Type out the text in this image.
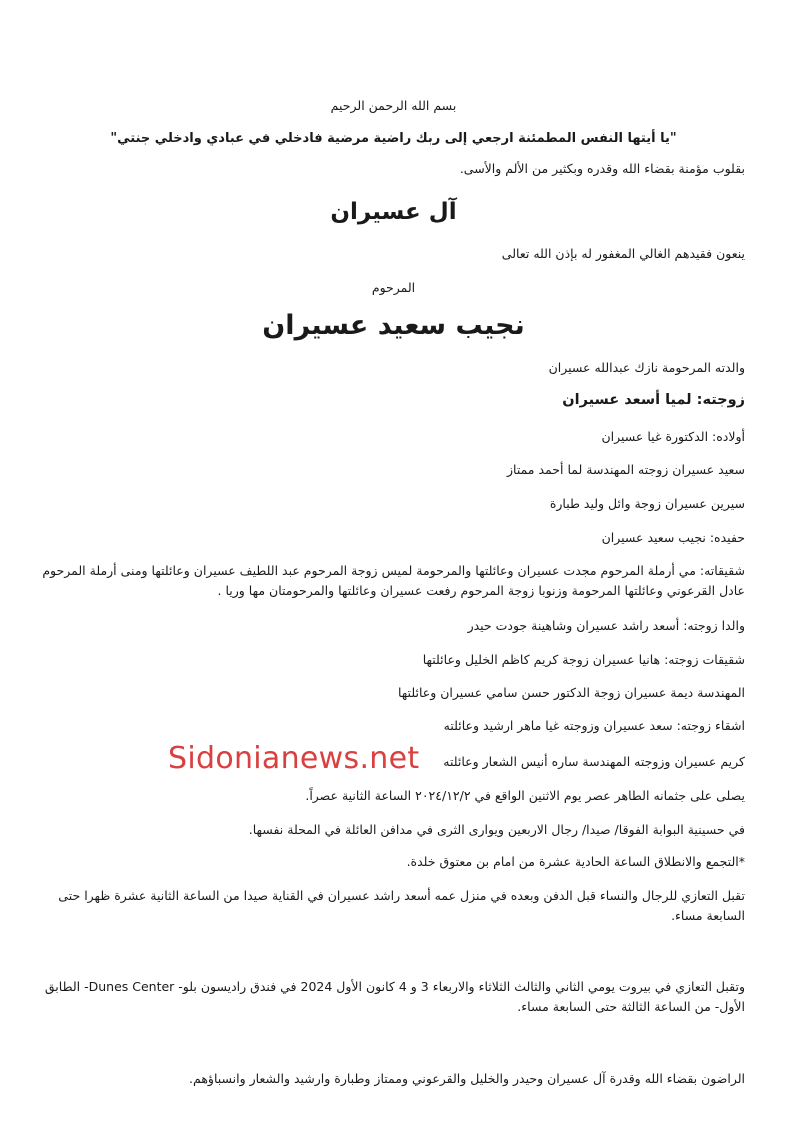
بسم الله الرحمن الرحيم

"يا أيتها النفس المطمئنة ارجعي إلى ربك راضية مرضية فادخلي في عبادي وادخلي جنتي"

بقلوب مؤمنة بقضاء الله وقدره وبكثير من الألم والأسى.

آل عسيران

ينعون فقيدهم الغالي المغفور له بإذن الله تعالى

المرحوم

نجيب سعيد عسيران

والدته المرحومة نازك عبدالله عسيران

زوجته: لميا أسعد عسيران

أولاده: الدكتورة غيا عسيران

سعيد عسيران زوجته المهندسة لما أحمد ممتاز

سيرين عسيران زوجة وائل وليد طبارة

حفيده: نجيب سعيد عسيران

شقيقاته: مي أرملة المرحوم مجدت عسيران وعائلتها والمرحومة لميس زوجة المرحوم عبد اللطيف عسيران وعائلتها ومنى أرملة المرحوم عادل القرعوني وعائلتها المرحومة وزنوبا زوجة المرحوم رفعت عسيران وعائلتها والمرحومتان مها وريا .

والدا زوجته: أسعد راشد عسيران وشاهينة جودت حيدر

شقيقات زوجته: هانيا عسيران زوجة كريم كاظم الخليل وعائلتها

المهندسة ديمة عسيران زوجة الدكتور حسن سامي عسيران وعائلتها

اشقاء زوجته: سعد عسيران وزوجته غيا ماهر ارشيد وعائلته

كريم عسيران وزوجته المهندسة ساره أنيس الشعار وعائلته

Sidonianews.net

يصلى على جثمانه الطاهر عصر يوم الاثنين الواقع في ٢٠٢٤/١٢/٢ الساعة الثانية عصراً.

في حسينية البوابة الفوقا/ صيدا/ رجال الاربعين ويوارى الثرى في مدافن العائلة في المحلة نفسها.

*التجمع والانطلاق الساعة الحادية عشرة من امام بن معتوق خلدة.

تقبل التعازي للرجال والنساء قبل الدفن وبعده في منزل عمه أسعد راشد عسيران في القناية صيدا من الساعة الثانية عشرة ظهرا حتى السابعة مساء.

وتقبل التعازي في بيروت يومي الثاني والثالث الثلاثاء والاربعاء 3 و 4 كانون الأول 2024 في فندق راديسون بلو- Dunes Center- الطابق الأول- من الساعة الثالثة حتى السابعة مساء.

الراضون بقضاء الله وقدرة آل عسيران وحيدر والخليل والقرعوني وممتاز وطبارة وارشيد والشعار وانسباؤهم.
